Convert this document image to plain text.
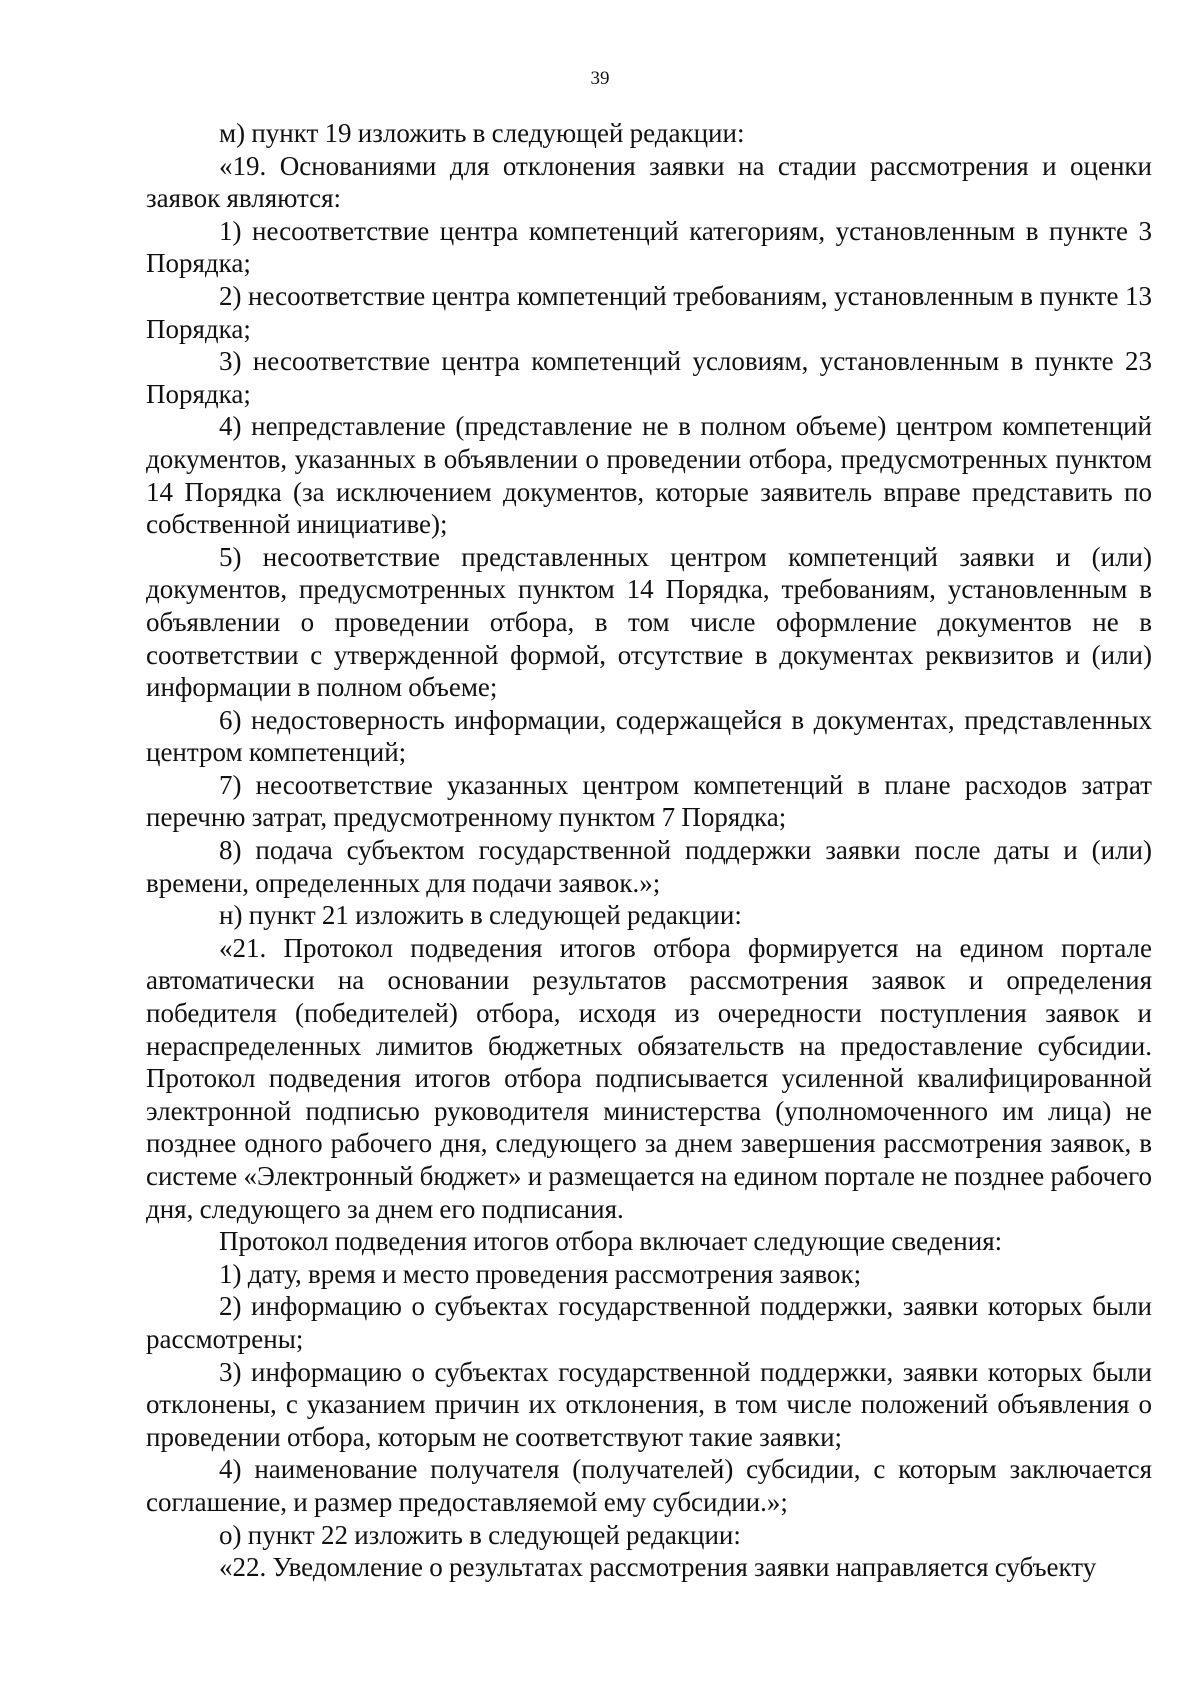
39

м) пункт 19 изложить в следующей редакции:

«19. Основаниями для отклонения заявки на стадии рассмотрения и оценки заявок являются:

1) несоответствие центра компетенций категориям, установленным в пункте 3 Порядка;

2) несоответствие центра компетенций требованиям, установленным в пункте 13 Порядка;

3) несоответствие центра компетенций условиям, установленным в пункте 23 Порядка;

4) непредставление (представление не в полном объеме) центром компетенций документов, указанных в объявлении о проведении отбора, предусмотренных пунктом 14 Порядка (за исключением документов, которые заявитель вправе представить по собственной инициативе);

5) несоответствие представленных центром компетенций заявки и (или) документов, предусмотренных пунктом 14 Порядка, требованиям, установленным в объявлении о проведении отбора, в том числе оформление документов не в соответствии с утвержденной формой, отсутствие в документах реквизитов и (или) информации в полном объеме;

6) недостоверность информации, содержащейся в документах, представленных центром компетенций;

7) несоответствие указанных центром компетенций в плане расходов затрат перечню затрат, предусмотренному пунктом 7 Порядка;

8) подача субъектом государственной поддержки заявки после даты и (или) времени, определенных для подачи заявок.»;

н) пункт 21 изложить в следующей редакции:

«21. Протокол подведения итогов отбора формируется на едином портале автоматически на основании результатов рассмотрения заявок и определения победителя (победителей) отбора, исходя из очередности поступления заявок и нераспределенных лимитов бюджетных обязательств на предоставление субсидии. Протокол подведения итогов отбора подписывается усиленной квалифицированной электронной подписью руководителя министерства (уполномоченного им лица) не позднее одного рабочего дня, следующего за днем завершения рассмотрения заявок, в системе «Электронный бюджет» и размещается на едином портале не позднее рабочего дня, следующего за днем его подписания.

Протокол подведения итогов отбора включает следующие сведения:

1) дату, время и место проведения рассмотрения заявок;

2) информацию о субъектах государственной поддержки, заявки которых были рассмотрены;

3) информацию о субъектах государственной поддержки, заявки которых были отклонены, с указанием причин их отклонения, в том числе положений объявления о проведении отбора, которым не соответствуют такие заявки;

4) наименование получателя (получателей) субсидии, с которым заключается соглашение, и размер предоставляемой ему субсидии.»;

о) пункт 22 изложить в следующей редакции:

«22. Уведомление о результатах рассмотрения заявки направляется субъекту
